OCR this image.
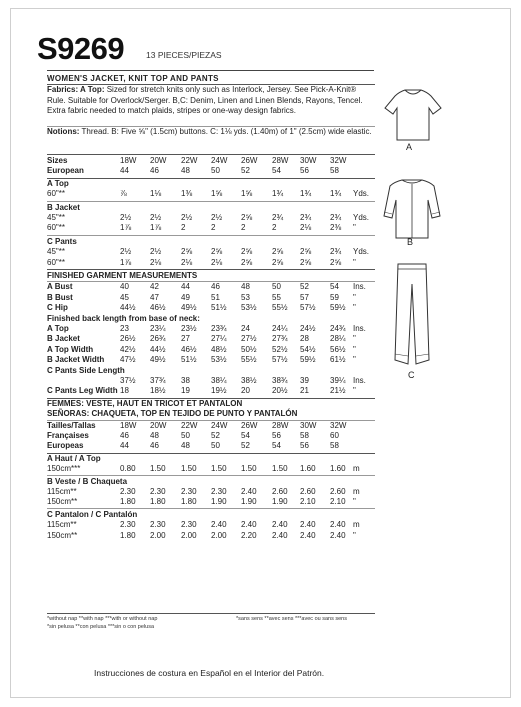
S9269	13 PIECES/PIEZAS
WOMEN'S JACKET, KNIT TOP AND PANTS
Fabrics: A Top: Sized for stretch knits only such as Interlock, Jersey. See Pick-A-Knit® Rule. Suitable for Overlock/Serger. B,C: Denim, Linen and Linen Blends, Rayons, Tencel. Extra fabric needed to match plaids, stripes or one-way design fabrics.
Notions: Thread. B: Five ⅝" (1.5cm) buttons. C: 1⅛ yds. (1.40m) of 1" (2.5cm) wide elastic.
Sizes	18W 20W 22W 24W 26W 28W 30W 32W
European	44	46	48	50	52	54 56	58
A Top
60"**	⅞	1⅛ 1⅜ 1⅝ 1⅝ 1¾ 1¾ 1¾ Yds.
B Jacket
45"**	2½ 2½ 2½ 2½ 2⅝ 2¾ 2¾ 2¾ Yds.
60"**	1⅞ 1⅞ 2	2	2	2	2⅛ 2⅜ "
C Pants
45"**	2½ 2½ 2⅝ 2⅝ 2⅝ 2⅝ 2⅝ 2¾ Yds.
60"**	1⅞ 2⅛ 2⅛ 2⅛ 2⅝ 2⅝ 2⅝ 2⅝ "
FINISHED GARMENT MEASUREMENTS
A Bust	40	42	44	46	48	50 52	54 Ins.
B Bust	45	47	49	51	53	55 57	59 "
C Hip	44½ 46½ 49½ 51½ 53½ 55½ 57½ 59½ "
Finished back length from base of neck:
A Top	23	23¼ 23½ 23¾ 24	24¼ 24½ 24¾ Ins.
B Jacket	26½ 26¾ 27	27¼ 27½ 27¾ 28	28¼ "
A Top Width	42½ 44½ 46½ 48½ 50½ 52½ 54½ 56½ "
B Jacket Width 47½ 49½ 51½ 53½ 55½ 57½ 59½ 61½ "
C Pants Side Length
37½ 37¾ 38	38¼ 38½ 38¾ 39	39¼ Ins.
C Pants Leg Width 18	18½ 19	19½ 20	20½ 21	21½ "
FEMMES: VESTE, HAUT EN TRICOT ET PANTALON
SEÑORAS: CHAQUETA, TOP EN TEJIDO DE PUNTO Y PANTALÓN
Tailles/Tallas	18W 20W 22W 24W 26W 28W 30W 32W
Françaises	46	48	50	52	54	56 58	60
Europeas	44	46	48	50	52	54 56	58
A Haut / A Top
150cm***	0.80 1.50 1.50 1.50 1.50 1.50 1.60 1.60 m
B Veste / B Chaqueta
115cm**	2.30 2.30 2.30 2.30 2.40 2.60 2.60 2.60 m
150cm**	1.80 1.80 1.80 1.90 1.90 1.90 2.10 2.10 "
C Pantalon / C Pantalón
115cm**	2.30 2.30 2.30 2.40 2.40 2.40 2.40 2.40 m
150cm**	1.80 2.00 2.00 2.00 2.20 2.40 2.40 2.40 "
A
B
C
*without nap **with nap ***with or without nap	*sans sens **avec sens ***avec ou sans sens
*sin pelusa **con pelusa ***sin o con pelusa
Instrucciones de costura en Español en el Interior del Patrón.
